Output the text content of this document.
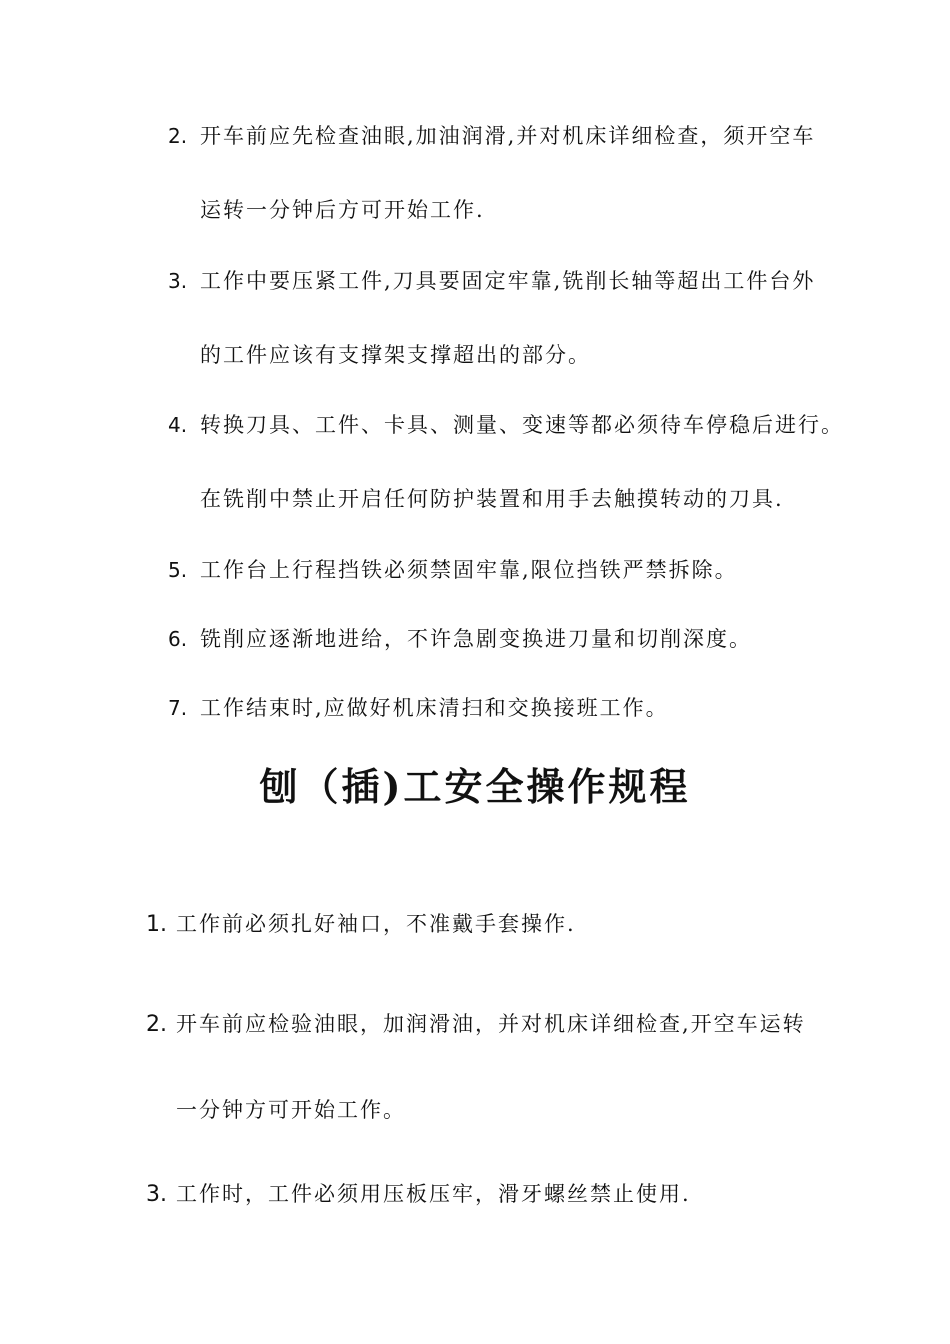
2. 开车前应先检查油眼,加油润滑,并对机床详细检查，须开空车
运转一分钟后方可开始工作.
3. 工作中要压紧工件,刀具要固定牢靠,铣削长轴等超出工件台外
的工件应该有支撑架支撑超出的部分。
4. 转换刀具、工件、卡具、测量、变速等都必须待车停稳后进行。
在铣削中禁止开启任何防护装置和用手去触摸转动的刀具.
5. 工作台上行程挡铁必须禁固牢靠,限位挡铁严禁拆除。
6. 铣削应逐渐地进给，不许急剧变换进刀量和切削深度。
7. 工作结束时,应做好机床清扫和交换接班工作。
刨（插)工安全操作规程
1. 工作前必须扎好袖口，不准戴手套操作.
2. 开车前应检验油眼，加润滑油，并对机床详细检查,开空车运转
一分钟方可开始工作。
3. 工作时，工件必须用压板压牢，滑牙螺丝禁止使用.
